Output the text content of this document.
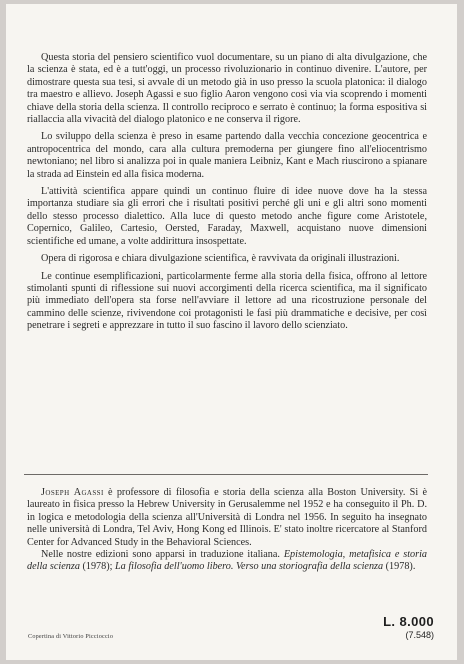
Questa storia del pensiero scientifico vuol documentare, su un piano di alta divulgazione, che la scienza è stata, ed è a tutt'oggi, un processo rivoluzionario in continuo divenire. L'autore, per dimostrare questa sua tesi, si avvale di un metodo già in uso presso la scuola platonica: il dialogo tra maestro e allievo. Joseph Agassi e suo figlio Aaron vengono così via via scoprendo i momenti chiave della storia della scienza. Il controllo reciproco e serrato è continuo; la forma espositiva si riallaccia alla vivacità del dialogo platonico e ne conserva il rigore.

Lo sviluppo della scienza è preso in esame partendo dalla vecchia concezione geocentrica e antropocentrica del mondo, cara alla cultura premoderna per giungere fino all'eliocentrismo newtoniano; nel libro si analizza poi in quale maniera Leibniz, Kant e Mach riuscirono a spianare la strada ad Einstein ed alla fisica moderna.

L'attività scientifica appare quindi un continuo fluire di idee nuove dove ha la stessa importanza studiare sia gli errori che i risultati positivi perché gli uni e gli altri sono momenti dello stesso processo dialettico. Alla luce di questo metodo anche figure come Aristotele, Copernico, Galileo, Cartesio, Oersted, Faraday, Maxwell, acquistano nuove dimensioni scientifiche ed umane, a volte addirittura insospettate.

Opera di rigorosa e chiara divulgazione scientifica, è ravvivata da originali illustrazioni.

Le continue esemplificazioni, particolarmente ferme alla storia della fisica, offrono al lettore stimolanti spunti di riflessione sui nuovi accorgimenti della ricerca scientifica, ma il significato più immediato dell'opera sta forse nell'avviare il lettore ad una ricostruzione personale del cammino delle scienze, rivivendone coi protagonisti le fasi più drammatiche e decisive, per così penetrare i segreti e apprezzare in tutto il suo fascino il lavoro dello scienziato.

Joseph Agassi è professore di filosofia e storia della scienza alla Boston University. Si è laureato in fisica presso la Hebrew University in Gerusalemme nel 1952 e ha conseguito il Ph. D. in logica e metodologia della scienza all'Università di Londra nel 1956. In seguito ha insegnato nelle università di Londra, Tel Aviv, Hong Kong ed Illinois. E' stato inoltre ricercatore al Stanford Center for Advanced Study in the Behavioral Sciences.

Nelle nostre edizioni sono apparsi in traduzione italiana. Epistemologia, metafisica e storia della scienza (1978); La filosofia dell'uomo libero. Verso una storiografia della scienza (1978).

Copertina di Vittorio Piccioccio
L. 8.000
(7.548)
